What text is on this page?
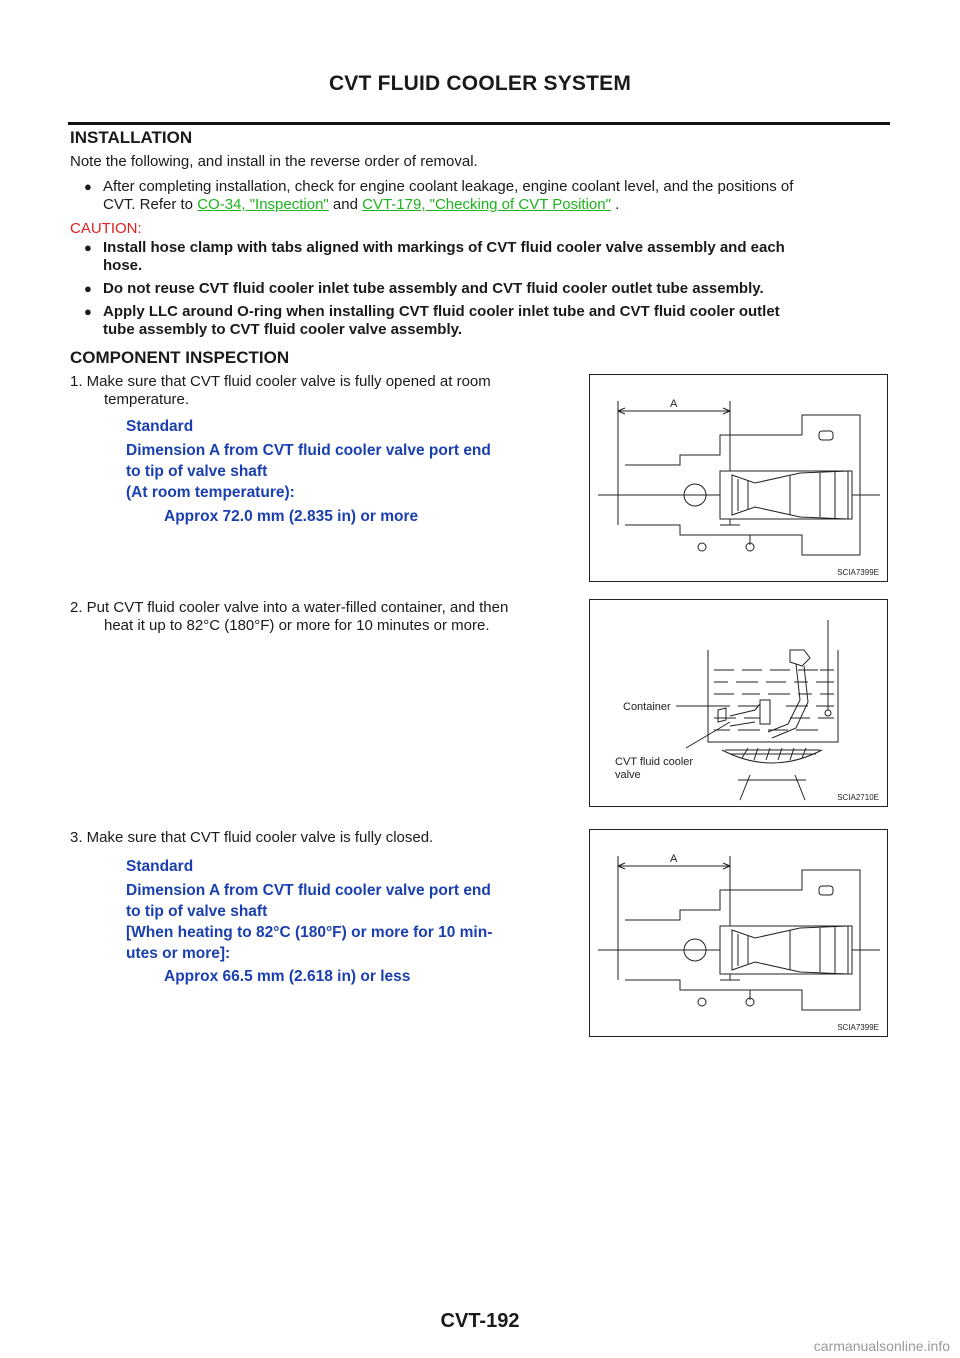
CVT FLUID COOLER SYSTEM
INSTALLATION
Note the following, and install in the reverse order of removal.
● After completing installation, check for engine coolant leakage, engine coolant level, and the positions of
CVT. Refer to CO-34, "Inspection" and CVT-179, "Checking of CVT Position" .
CAUTION:
● Install hose clamp with tabs aligned with markings of CVT fluid cooler valve assembly and each
hose.
● Do not reuse CVT fluid cooler inlet tube assembly and CVT fluid cooler outlet tube assembly.
● Apply LLC around O-ring when installing CVT fluid cooler inlet tube and CVT fluid cooler outlet
tube assembly to CVT fluid cooler valve assembly.
COMPONENT INSPECTION
1. Make sure that CVT fluid cooler valve is fully opened at room
temperature.
Standard
Dimension A from CVT fluid cooler valve port end
to tip of valve shaft
(At room temperature):
Approx 72.0 mm (2.835 in) or more
2. Put CVT fluid cooler valve into a water-filled container, and then
heat it up to 82°C (180°F) or more for 10 minutes or more.
3. Make sure that CVT fluid cooler valve is fully closed.
Standard
Dimension A from CVT fluid cooler valve port end
to tip of valve shaft
[When heating to 82°C (180°F) or more for 10 min-
utes or more]:
Approx 66.5 mm (2.618 in) or less
A
SCIA7399E
Container
CVT fluid cooler
valve
SCIA2710E
A
SCIA7399E
CVT-192
carmanualsonline.info
